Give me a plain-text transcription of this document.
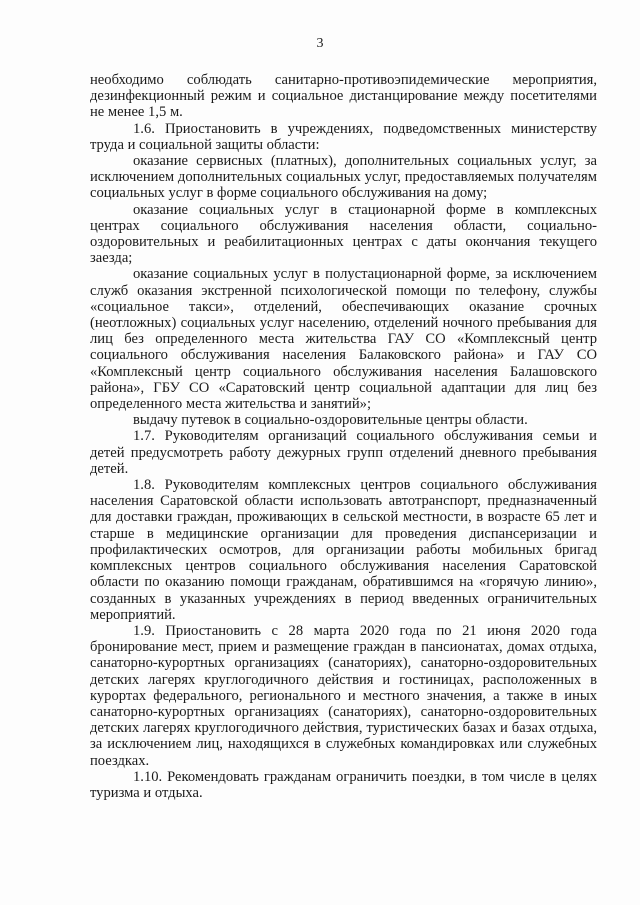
3

необходимо соблюдать санитарно-противоэпидемические мероприятия, дезинфекционный режим и социальное дистанцирование между посетителями не менее 1,5 м.

1.6. Приостановить в учреждениях, подведомственных министерству труда и социальной защиты области:

оказание сервисных (платных), дополнительных социальных услуг, за исключением дополнительных социальных услуг, предоставляемых получателям социальных услуг в форме социального обслуживания на дому;

оказание социальных услуг в стационарной форме в комплексных центрах социального обслуживания населения области, социально-оздоровительных и реабилитационных центрах с даты окончания текущего заезда;

оказание социальных услуг в полустационарной форме, за исключением служб оказания экстренной психологической помощи по телефону, службы «социальное такси», отделений, обеспечивающих оказание срочных (неотложных) социальных услуг населению, отделений ночного пребывания для лиц без определенного места жительства ГАУ СО «Комплексный центр социального обслуживания населения Балаковского района» и ГАУ СО «Комплексный центр социального обслуживания населения Балашовского района», ГБУ СО «Саратовский центр социальной адаптации для лиц без определенного места жительства и занятий»;

выдачу путевок в социально-оздоровительные центры области.

1.7. Руководителям организаций социального обслуживания семьи и детей предусмотреть работу дежурных групп отделений дневного пребывания детей.

1.8. Руководителям комплексных центров социального обслуживания населения Саратовской области использовать автотранспорт, предназначенный для доставки граждан, проживающих в сельской местности, в возрасте 65 лет и старше в медицинские организации для проведения диспансеризации и профилактических осмотров, для организации работы мобильных бригад комплексных центров социального обслуживания населения Саратовской области по оказанию помощи гражданам, обратившимся на «горячую линию», созданных в указанных учреждениях в период введенных ограничительных мероприятий.

1.9. Приостановить с 28 марта 2020 года по 21 июня 2020 года бронирование мест, прием и размещение граждан в пансионатах, домах отдыха, санаторно-курортных организациях (санаториях), санаторно-оздоровительных детских лагерях круглогодичного действия и гостиницах, расположенных в курортах федерального, регионального и местного значения, а также в иных санаторно-курортных организациях (санаториях), санаторно-оздоровительных детских лагерях круглогодичного действия, туристических базах и базах отдыха, за исключением лиц, находящихся в служебных командировках или служебных поездках.

1.10. Рекомендовать гражданам ограничить поездки, в том числе в целях туризма и отдыха.
